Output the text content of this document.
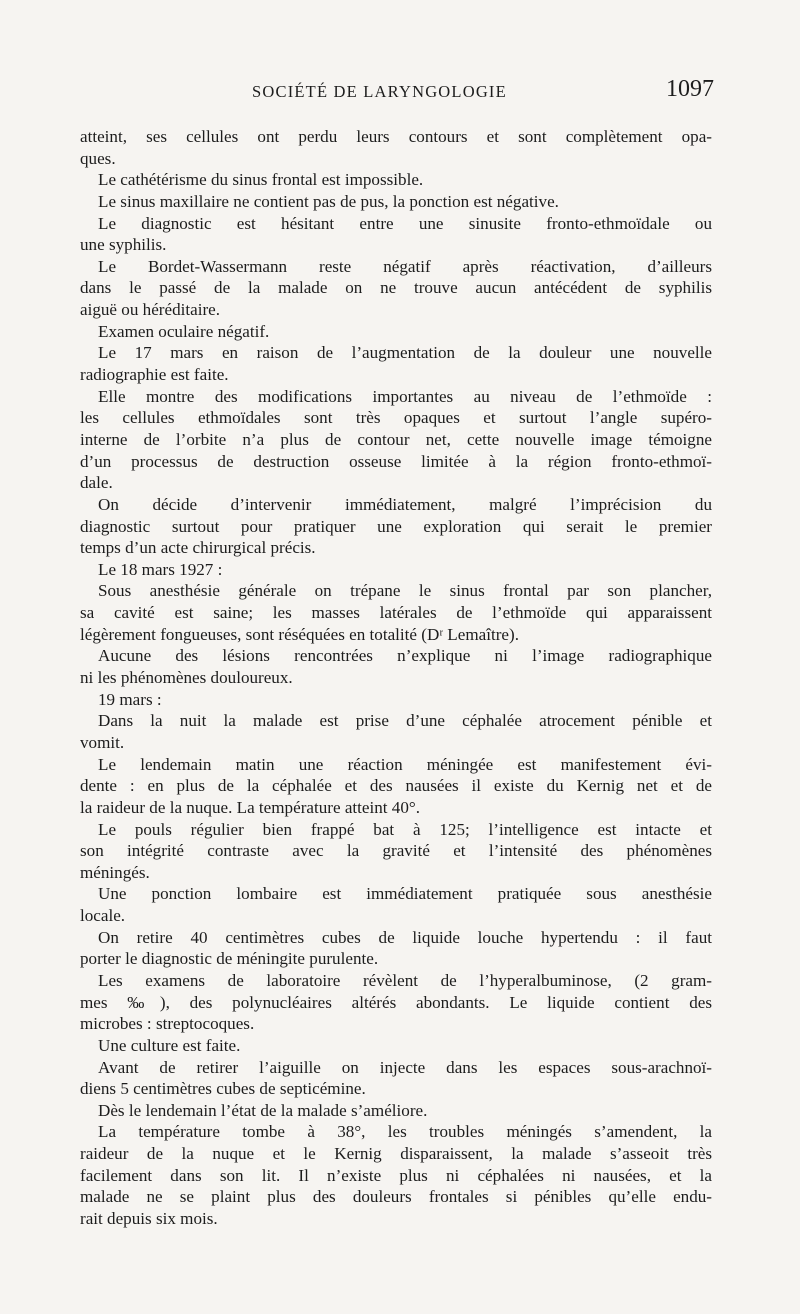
SOCIÉTÉ DE LARYNGOLOGIE	1097
atteint, ses cellules ont perdu leurs contours et sont complètement opa-
ques.
Le cathétérisme du sinus frontal est impossible.
Le sinus maxillaire ne contient pas de pus, la ponction est négative.
Le diagnostic est hésitant entre une sinusite fronto-ethmoïdale ou
une syphilis.
Le Bordet-Wassermann reste négatif après réactivation, d’ailleurs
dans le passé de la malade on ne trouve aucun antécédent de syphilis
aiguë ou héréditaire.
Examen oculaire négatif.
Le 17 mars en raison de l’augmentation de la douleur une nouvelle
radiographie est faite.
Elle montre des modifications importantes au niveau de l’ethmoïde :
les cellules ethmoïdales sont très opaques et surtout l’angle supéro-
interne de l’orbite n’a plus de contour net, cette nouvelle image témoigne
d’un processus de destruction osseuse limitée à la région fronto-ethmoï-
dale.
On décide d’intervenir immédiatement, malgré l’imprécision du
diagnostic surtout pour pratiquer une exploration qui serait le premier
temps d’un acte chirurgical précis.
Le 18 mars 1927 :
Sous anesthésie générale on trépane le sinus frontal par son plancher,
sa cavité est saine; les masses latérales de l’ethmoïde qui apparaissent
légèrement fongueuses, sont réséquées en totalité (Dʳ Lemaître).
Aucune des lésions rencontrées n’explique ni l’image radiographique
ni les phénomènes douloureux.
19 mars :
Dans la nuit la malade est prise d’une céphalée atrocement pénible et
vomit.
Le lendemain matin une réaction méningée est manifestement évi-
dente : en plus de la céphalée et des nausées il existe du Kernig net et de
la raideur de la nuque. La température atteint 40°.
Le pouls régulier bien frappé bat à 125; l’intelligence est intacte et
son intégrité contraste avec la gravité et l’intensité des phénomènes
méningés.
Une ponction lombaire est immédiatement pratiquée sous anesthésie
locale.
On retire 40 centimètres cubes de liquide louche hypertendu : il faut
porter le diagnostic de méningite purulente.
Les examens de laboratoire révèlent de l’hyperalbuminose, (2 gram-
mes ‰), des polynucléaires altérés abondants. Le liquide contient des
microbes : streptocoques.
Une culture est faite.
Avant de retirer l’aiguille on injecte dans les espaces sous-arachnoï-
diens 5 centimètres cubes de septicémine.
Dès le lendemain l’état de la malade s’améliore.
La température tombe à 38°, les troubles méningés s’amendent, la
raideur de la nuque et le Kernig disparaissent, la malade s’asseoit très
facilement dans son lit. Il n’existe plus ni céphalées ni nausées, et la
malade ne se plaint plus des douleurs frontales si pénibles qu’elle endu-
rait depuis six mois.
